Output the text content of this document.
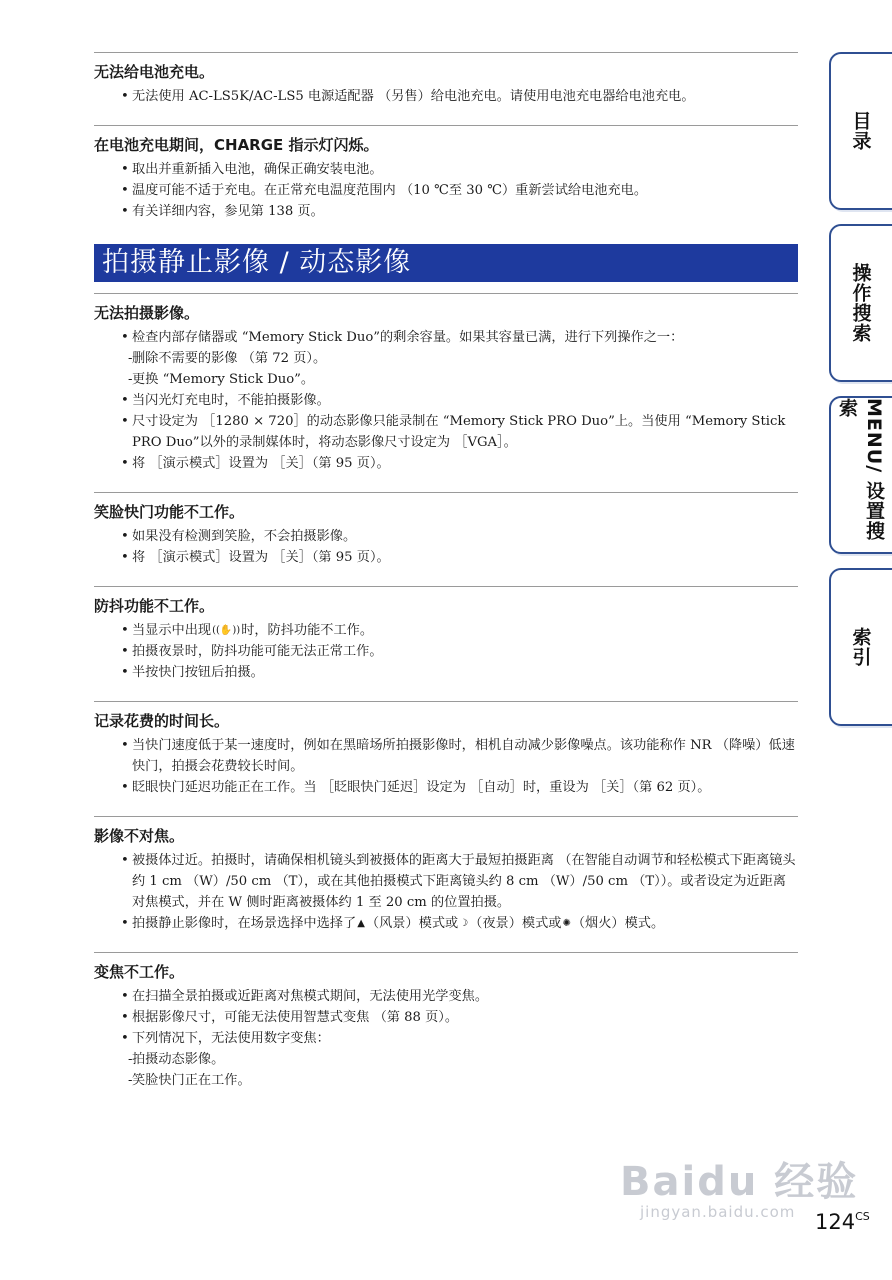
无法给电池充电。
• 无法使用 AC-LS5K/AC-LS5 电源适配器 （另售）给电池充电。请使用电池充电器给电池充电。
在电池充电期间，CHARGE 指示灯闪烁。
• 取出并重新插入电池，确保正确安装电池。
• 温度可能不适于充电。在正常充电温度范围内 （10 ℃至 30 ℃）重新尝试给电池充电。
• 有关详细内容，参见第 138 页。
拍摄静止影像 / 动态影像
无法拍摄影像。
• 检查内部存储器或 “Memory Stick Duo”的剩余容量。如果其容量已满，进行下列操作之一：
- 删除不需要的影像 （第 72 页）。
- 更换 “Memory Stick Duo”。
• 当闪光灯充电时，不能拍摄影像。
• 尺寸设定为 ［1280 × 720］的动态影像只能录制在 “Memory Stick PRO Duo”上。当使用 “Memory Stick PRO Duo”以外的录制媒体时，将动态影像尺寸设定为 ［VGA］。
• 将 ［演示模式］设置为 ［关］（第 95 页）。
笑脸快门功能不工作。
• 如果没有检测到笑脸，不会拍摄影像。
• 将 ［演示模式］设置为 ［关］（第 95 页）。
防抖功能不工作。
• 当显示中出现((✋))时，防抖功能不工作。
• 拍摄夜景时，防抖功能可能无法正常工作。
• 半按快门按钮后拍摄。
记录花费的时间长。
• 当快门速度低于某一速度时，例如在黑暗场所拍摄影像时，相机自动减少影像噪点。该功能称作 NR （降噪）低速快门，拍摄会花费较长时间。
• 眨眼快门延迟功能正在工作。当 ［眨眼快门延迟］设定为 ［自动］时，重设为 ［关］（第 62 页）。
影像不对焦。
• 被摄体过近。拍摄时，请确保相机镜头到被摄体的距离大于最短拍摄距离 （在智能自动调节和轻松模式下距离镜头约 1 cm （W）/50 cm （T），或在其他拍摄模式下距离镜头约 8 cm （W）/50 cm （T））。或者设定为近距离对焦模式，并在 W 侧时距离被摄体约 1 至 20 cm 的位置拍摄。
• 拍摄静止影像时，在场景选择中选择了▲（风景）模式或☽（夜景）模式或✺（烟火）模式。
变焦不工作。
• 在扫描全景拍摄或近距离对焦模式期间，无法使用光学变焦。
• 根据影像尺寸，可能无法使用智慧式变焦 （第 88 页）。
• 下列情况下，无法使用数字变焦：
- 拍摄动态影像。
- 笑脸快门正在工作。
目录
操作搜索
MENU/ 设置搜索
索引
Baidu 经验
jingyan.baidu.com $124^{CS}$
